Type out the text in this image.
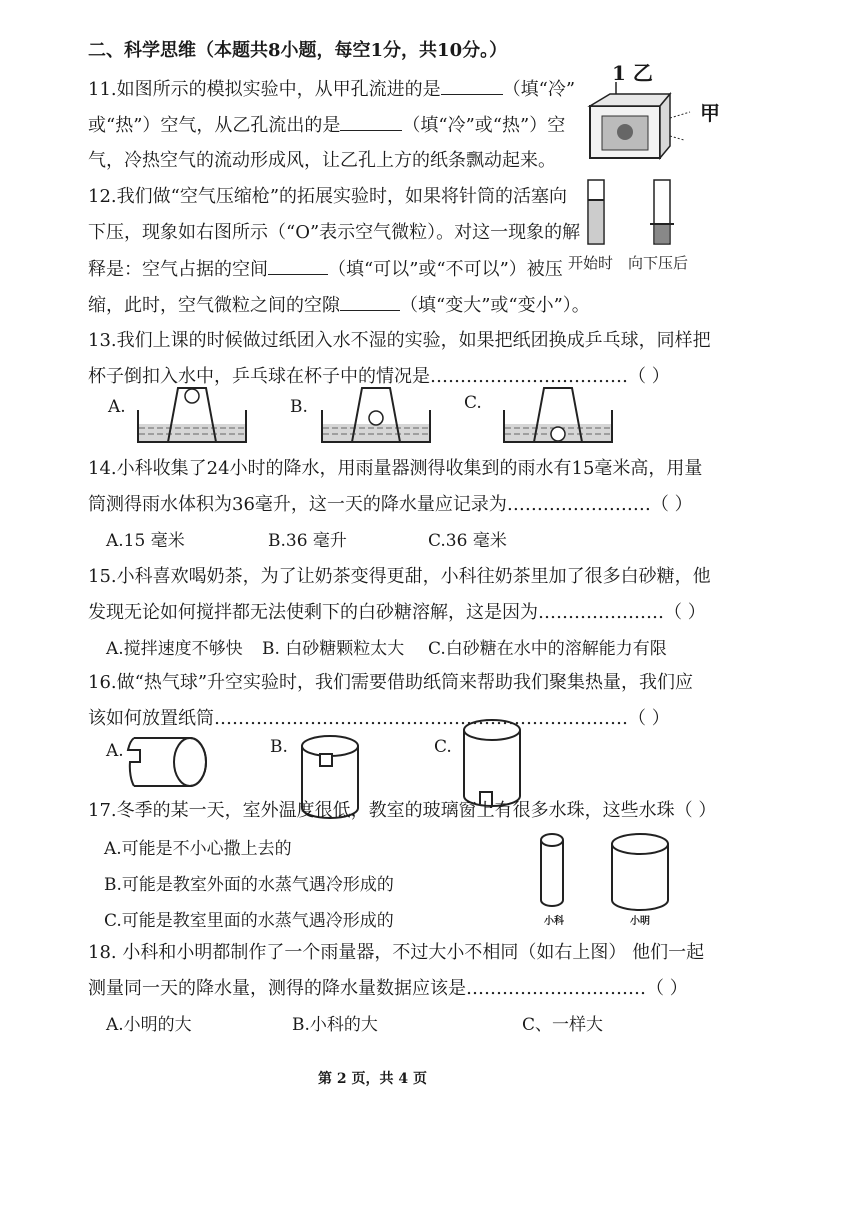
二、科学思维（本题共8小题，每空1分，共10分。）
11.如图所示的模拟实验中，从甲孔流进的是	（填“冷”
或“热”）空气，从乙孔流出的是	（填“冷”或“热”）空
气，冷热空气的流动形成风，让乙孔上方的纸条飘动起来。
1 乙
甲
12.我们做“空气压缩枪”的拓展实验时，如果将针筒的活塞向
下压，现象如右图所示（“O”表示空气微粒）。对这一现象的解
释是：空气占据的空间	（填“可以”或“不可以”）被压
缩，此时，空气微粒之间的空隙	（填“变大”或“变小”）。
开始时 向下压后
13.我们上课的时候做过纸团入水不湿的实验，如果把纸团换成乒乓球，同样把
杯子倒扣入水中，乒乓球在杯子中的情况是……………………………（ ）
A.	B.	C.
14.小科收集了24小时的降水，用雨量器测得收集到的雨水有15毫米高，用量
筒测得雨水体积为36毫升，这一天的降水量应记录为……………………（ ）
A.15 毫米	B.36 毫升	C.36 毫米
15.小科喜欢喝奶茶，为了让奶茶变得更甜，小科往奶茶里加了很多白砂糖，他
发现无论如何搅拌都无法使剩下的白砂糖溶解，这是因为…………………（ ）
A.搅拌速度不够快 B. 白砂糖颗粒太大 C.白砂糖在水中的溶解能力有限
16.做“热气球”升空实验时，我们需要借助纸筒来帮助我们聚集热量，我们应
该如何放置纸筒……………………………………………………………（ ）
A.	B.	C.
17.冬季的某一天，室外温度很低，教室的玻璃窗上有很多水珠，这些水珠（ ）
A.可能是不小心撒上去的
B.可能是教室外面的水蒸气遇冷形成的
C.可能是教室里面的水蒸气遇冷形成的	小科	小明
18. 小科和小明都制作了一个雨量器，不过大小不相同（如右上图） 他们一起
测量同一天的降水量，测得的降水量数据应该是…………………………（ ）
A.小明的大	B.小科的大	C、一样大
第 2 页，共 4 页
